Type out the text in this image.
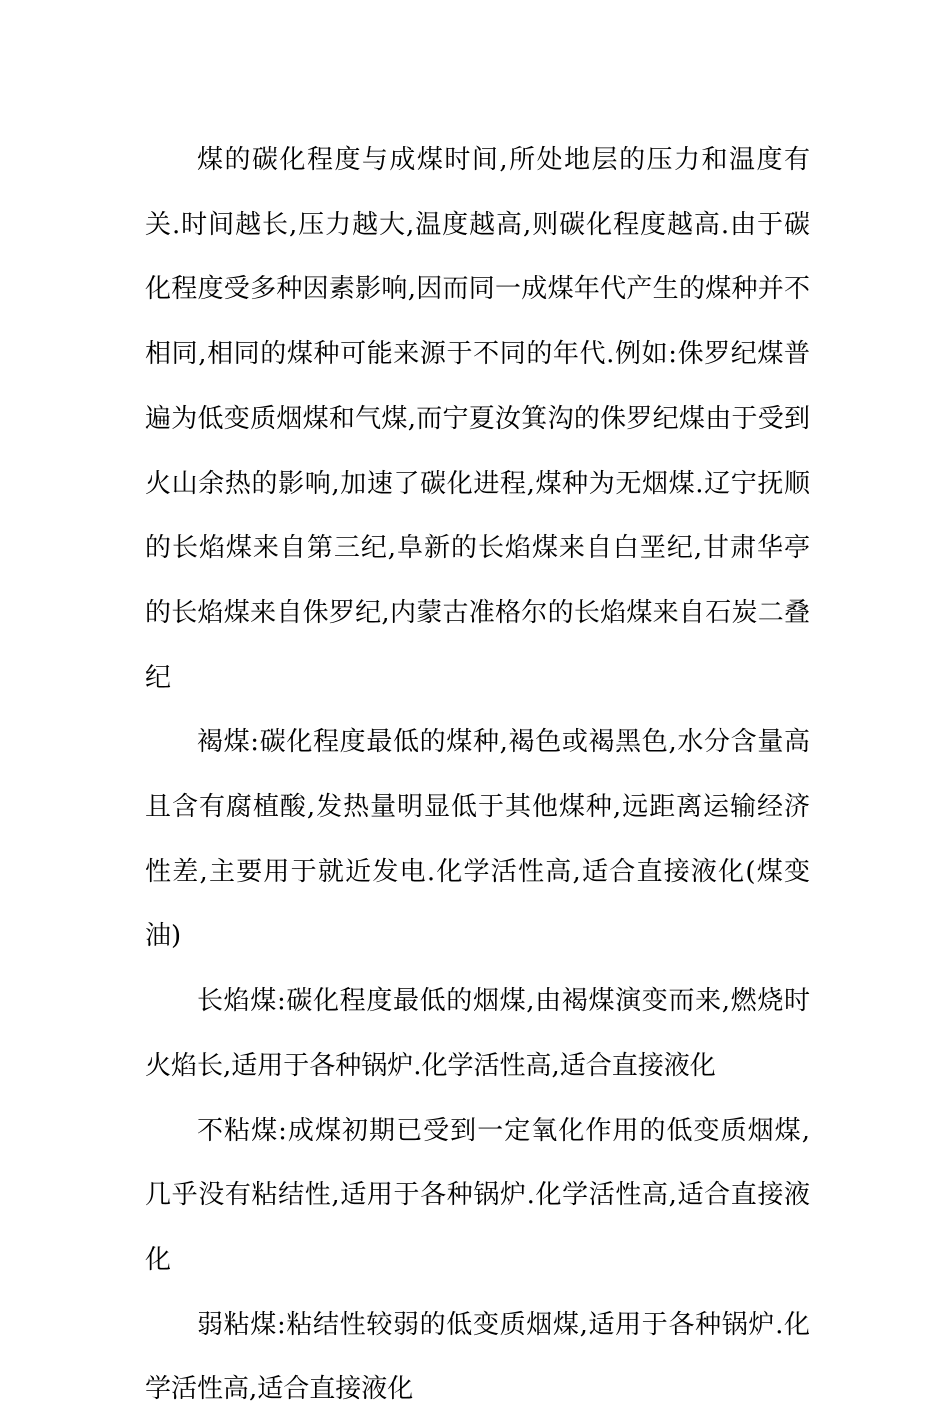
煤的碳化程度与成煤时间,所处地层的压力和温度有关.时间越长,压力越大,温度越高,则碳化程度越高.由于碳化程度受多种因素影响,因而同一成煤年代产生的煤种并不相同,相同的煤种可能来源于不同的年代.例如:侏罗纪煤普遍为低变质烟煤和气煤,而宁夏汝箕沟的侏罗纪煤由于受到火山余热的影响,加速了碳化进程,煤种为无烟煤.辽宁抚顺的长焰煤来自第三纪,阜新的长焰煤来自白垩纪,甘肃华亭的长焰煤来自侏罗纪,内蒙古准格尔的长焰煤来自石炭二叠纪

褐煤:碳化程度最低的煤种,褐色或褐黑色,水分含量高且含有腐植酸,发热量明显低于其他煤种,远距离运输经济性差,主要用于就近发电.化学活性高,适合直接液化(煤变油)

长焰煤:碳化程度最低的烟煤,由褐煤演变而来,燃烧时火焰长,适用于各种锅炉.化学活性高,适合直接液化

不粘煤:成煤初期已受到一定氧化作用的低变质烟煤,几乎没有粘结性,适用于各种锅炉.化学活性高,适合直接液化

弱粘煤:粘结性较弱的低变质烟煤,适用于各种锅炉.化学活性高,适合直接液化
